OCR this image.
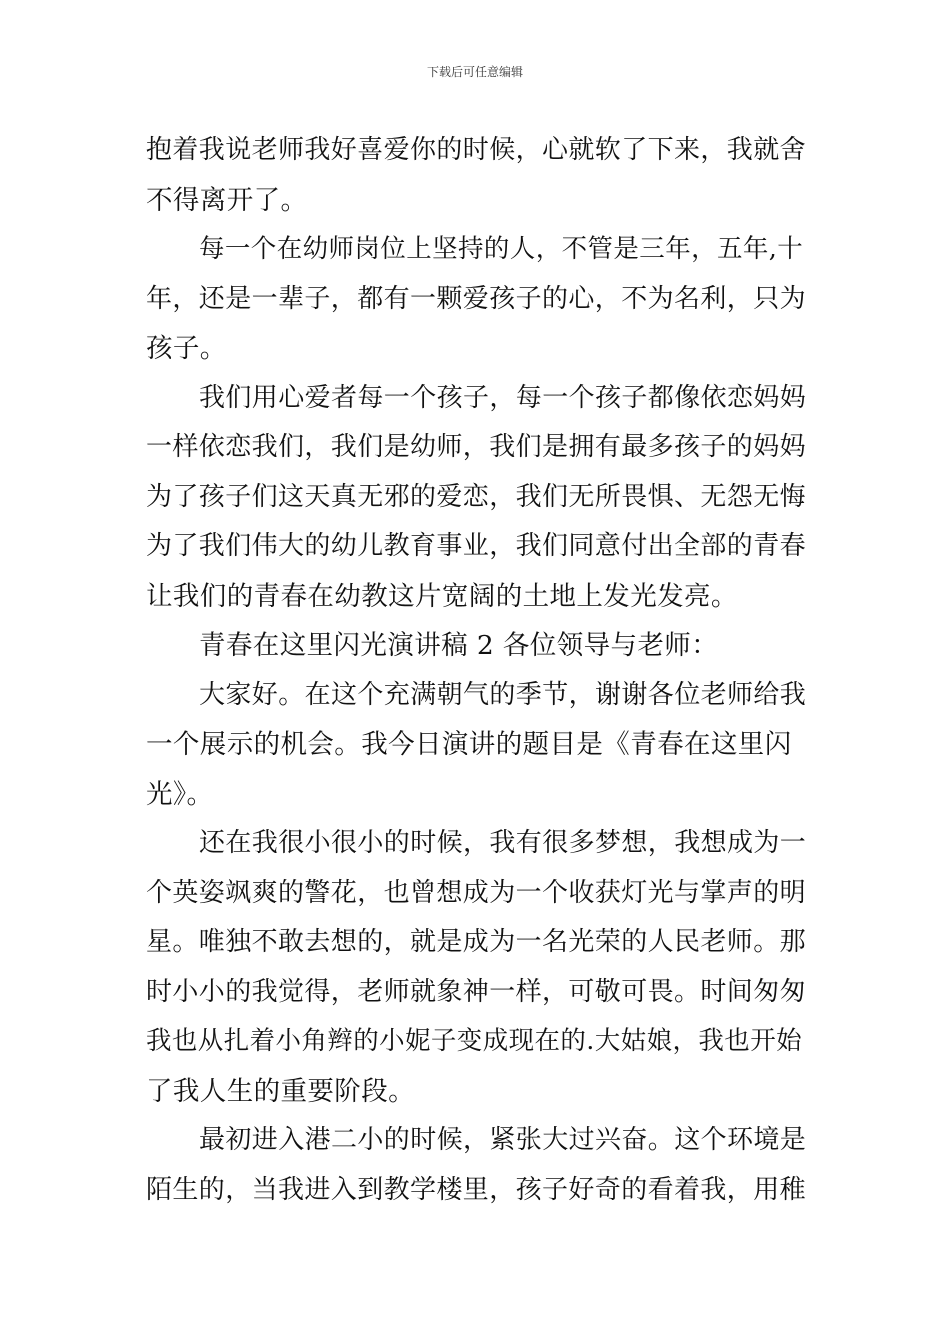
下载后可任意编辑
抱着我说老师我好喜爱你的时候，心就软了下来，我就舍
不得离开了。
每一个在幼师岗位上坚持的人，不管是三年，五年,十
年，还是一辈子，都有一颗爱孩子的心，不为名利，只为
孩子。
我们用心爱者每一个孩子，每一个孩子都像依恋妈妈
一样依恋我们，我们是幼师，我们是拥有最多孩子的妈妈
为了孩子们这天真无邪的爱恋，我们无所畏惧、无怨无悔
为了我们伟大的幼儿教育事业，我们同意付出全部的青春
让我们的青春在幼教这片宽阔的土地上发光发亮。
青春在这里闪光演讲稿 2 各位领导与老师：
大家好。在这个充满朝气的季节，谢谢各位老师给我
一个展示的机会。我今日演讲的题目是《青春在这里闪
光》。
还在我很小很小的时候，我有很多梦想，我想成为一
个英姿飒爽的警花，也曾想成为一个收获灯光与掌声的明
星。唯独不敢去想的，就是成为一名光荣的人民老师。那
时小小的我觉得，老师就象神一样，可敬可畏。时间匆匆
我也从扎着小角辫的小妮子变成现在的.大姑娘，我也开始
了我人生的重要阶段。
最初进入港二小的时候，紧张大过兴奋。这个环境是
陌生的，当我进入到教学楼里，孩子好奇的看着我，用稚
